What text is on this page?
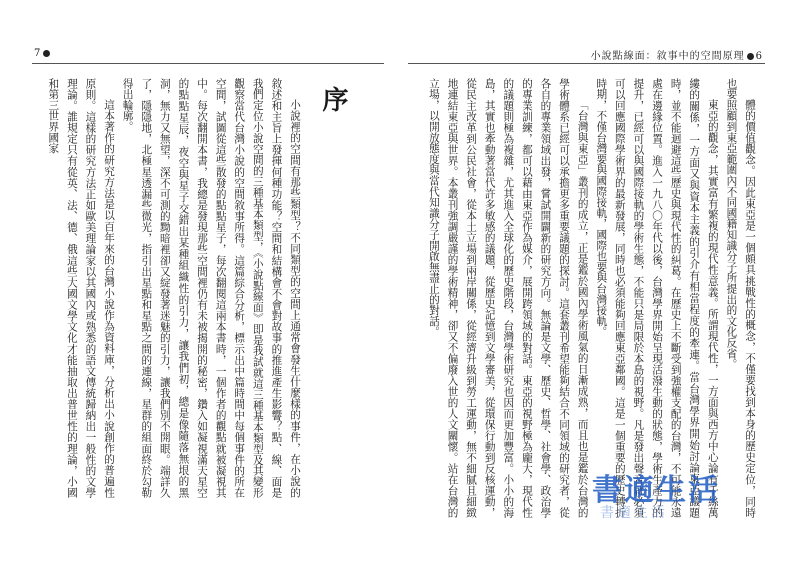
7
小說裡的空間有那些類型？不同類型的空間上通常會發生什麼樣的事件，在小說的敘述和主旨上發揮何種功能？空間和結構會不會對故事的推進產生影響？點、線、面是我們定位小說空間的三種基本類型，《小說點線面》即是我試就這三種基本類型及其變形觀察當代台灣小說的空間敘事所得。這篇綜合分析，標示出中篇時間中每個事件的所在空間，試圖從這些散發的點點星子，每次翻閱這兩本書時，一個作者的觀點就被凝視其中。每次翻開本書，我總是發現那些空間裡仍有未被揭開的秘密，鑽入如凝視滿天星空的點點星辰，夜空與星子交錯出某種組織性的引力，讓我們初，總是像隨落無垠的黑洞，無力又無望，深不可測的黝暗裡卻又綻發著迷魅的引力，讓我們別不開眼。端詳久了，隱隱地，北極星透漏些微光，指引出星點和星點之間的連線，星群的組面終於勾勒得出輪廓。
這本著作的研究方法是以百年來的台灣小說作為資料庫，分析出小說創作的普遍性原則。這樣的研究方法正如歐美理論家以其國內或熟悉的語文傳統歸納出一般性的文學理論。誰規定只有從英、法、德、俄這些大國文學文化才能抽取出普世性的理論，小國和第三世界國家	序
小說點線面：敘事中的空間原理 6
體的價值觀念。因此東亞是一個頗具挑戰性的概念，不僅要找到本身的歷史定位，同時也要照顧到東亞範圍內不同國籍知識分子所提出的文化反省。
東亞的觀念，其實富有繁複的現代性意義。所謂現代性，一方面與西方中心論有千絲萬縷的關係，一方面又與資本主義的引介有相當程度的牽連。當台灣學界開始討論東亞議題時，並不能迴避這些歷史與現代性的糾葛。在歷史上不斷受到強權支配的台灣，不可能永遠處在邊緣位置。進入一九八〇年代以後，台灣學界開始呈現活潑生動的狀態，學術生產力的提升，已經可以與國際接軌的學術生態，不能只是局限於本島的視野。凡是發出聲音就必須可以回應國際學術界的最新發展，同時也必須能夠回應東亞鄰國。這是一個重要的歷史轉折時期，不僅台灣要與國際接軌，國際也要與台灣接軌。
「台灣與東亞」叢刊的成立，正是鑑於國內學術風氣的日漸成熟，而且也是鑑於台灣的學術體系已經可以承擔更多重要議題的探討。這套叢刊希望能夠結合不同領域的研究者，從各自的專業領域出發，嘗試開闢新的研究方向。無論是文學、歷史、哲學、社會學、政治學的專業訓練，都可以藉由東亞作為媒介，展開跨領域的對話。東亞的視野極為龐大，現代性的議題則極為複雜，尤其進入全球化的歷史階段，台灣學術研究也因而更加豐富。小小的海島，其實也牽動著當代許多敏感的議題，從歷史記憶到文學審美，從環保行動到反核運動，從民主改革到公民社會，從本土立場到兩岸關係，從經濟升級到勞工運動，無不細膩且細緻地連結東亞與世界。本叢刊強調嚴謹的學術精神，卻又不偏廢入世的人文關懷。站在台灣的立場，以開放態度與當代知識分子開啟無盡止的對話。
書適生活
書適生活
